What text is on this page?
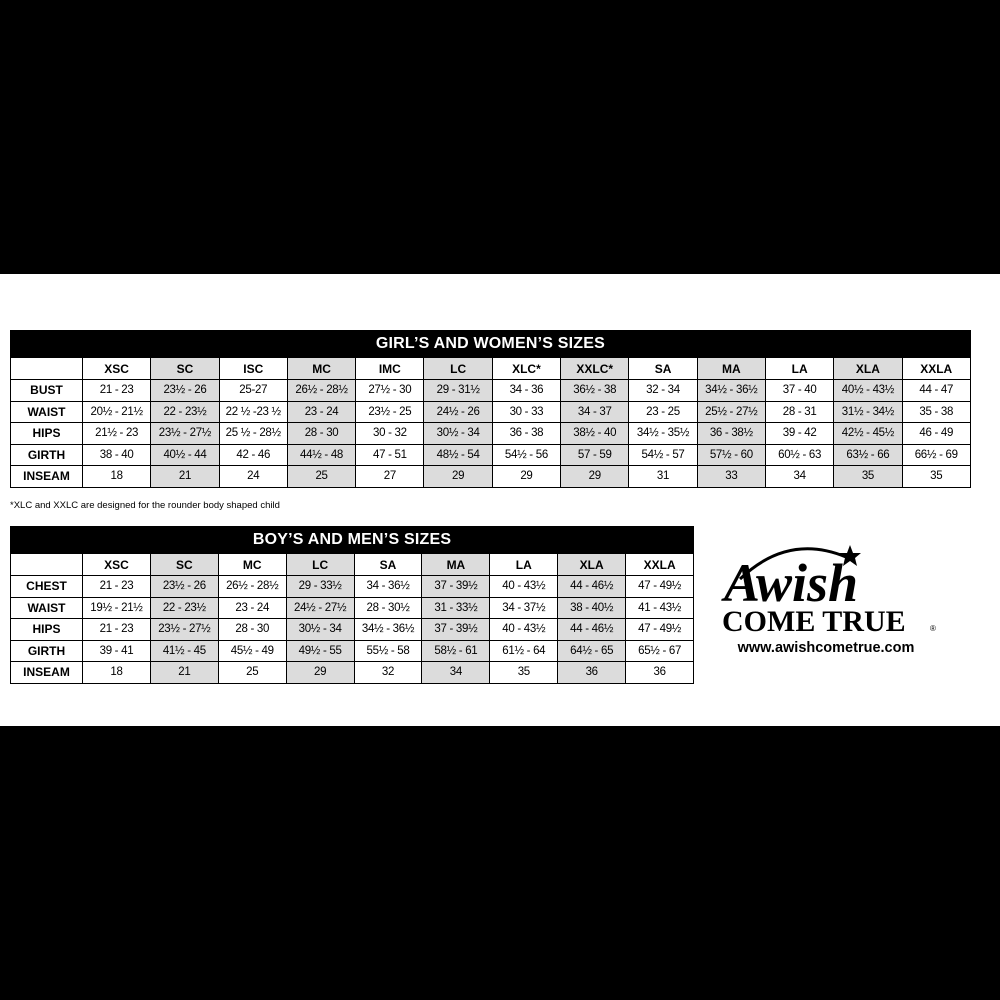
GIRL’S AND WOMEN’S SIZES													
	XSC	SC	ISC	MC	IMC	LC	XLC*	XXLC*	SA	MA	LA	XLA	XXLA
BUST	21 - 23	23½ - 26	25-27	26½ - 28½	27½ - 30	29 - 31½	34 - 36	36½ - 38	32 - 34	34½ - 36½	37 - 40	40½ - 43½	44 - 47
WAIST	20½ - 21½	22 - 23½	22 ½ -23 ½	23 - 24	23½ - 25	24½ - 26	30 - 33	34 - 37	23 - 25	25½ - 27½	28 - 31	31½ - 34½	35 - 38
HIPS	21½ - 23	23½ - 27½	25 ½ - 28½	28 - 30	30 - 32	30½ - 34	36 - 38	38½ - 40	34½ - 35½	36 - 38½	39 - 42	42½ - 45½	46 - 49
GIRTH	38 - 40	40½ - 44	42 - 46	44½ - 48	47 - 51	48½ - 54	54½ - 56	57 - 59	54½ - 57	57½ - 60	60½ - 63	63½ - 66	66½ - 69
INSEAM	18	21	24	25	27	29	29	29	31	33	34	35	35
*XLC and XXLC are designed for the rounder body shaped child
BOY’S AND MEN’S SIZES									
	XSC	SC	MC	LC	SA	MA	LA	XLA	XXLA
CHEST	21 - 23	23½ - 26	26½ - 28½	29 - 33½	34 - 36½	37 - 39½	40 - 43½	44 - 46½	47 - 49½
WAIST	19½ - 21½	22 - 23½	23 - 24	24½ - 27½	28 - 30½	31 - 33½	34 - 37½	38 - 40½	41 - 43½
HIPS	21 - 23	23½ - 27½	28 - 30	30½ - 34	34½ - 36½	37 - 39½	40 - 43½	44 - 46½	47 - 49½
GIRTH	39 - 41	41½ - 45	45½ - 49	49½ - 55	55½ - 58	58½ - 61	61½ - 64	64½ - 65	65½ - 67
INSEAM	18	21	25	29	32	34	35	36	36
Awish
COME TRUE	®
www.awishcometrue.com
